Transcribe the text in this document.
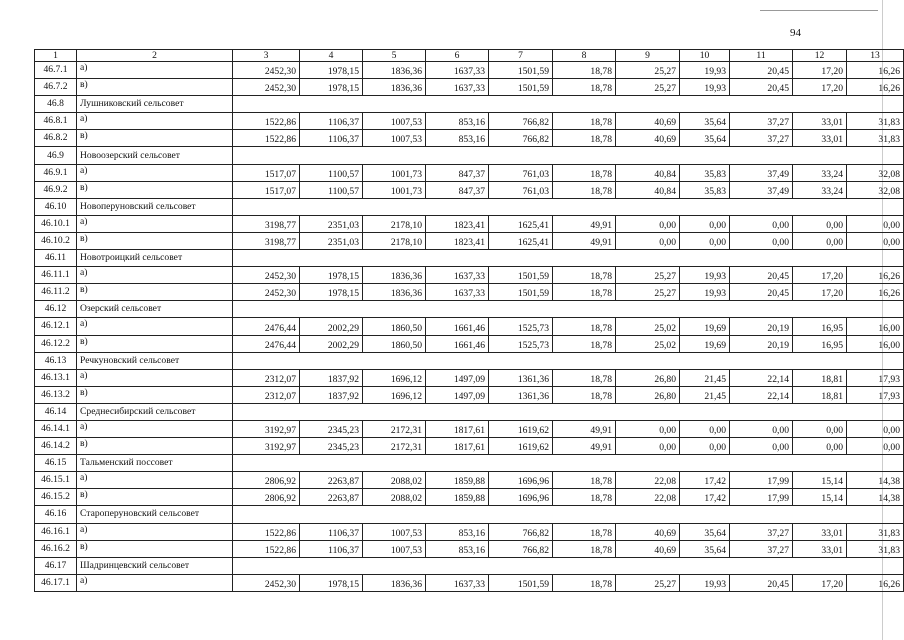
94
1	2	3	4	5	6	7	8	9	10	11	12	13
46.7.1	а)	2452,30	1978,15	1836,36	1637,33	1501,59	18,78	25,27	19,93	20,45	17,20	16,26
46.7.2	в)	2452,30	1978,15	1836,36	1637,33	1501,59	18,78	25,27	19,93	20,45	17,20	16,26
46.8	Лушниковский сельсовет											
46.8.1	а)	1522,86	1106,37	1007,53	853,16	766,82	18,78	40,69	35,64	37,27	33,01	31,83
46.8.2	в)	1522,86	1106,37	1007,53	853,16	766,82	18,78	40,69	35,64	37,27	33,01	31,83
46.9	Новоозерский сельсовет											
46.9.1	а)	1517,07	1100,57	1001,73	847,37	761,03	18,78	40,84	35,83	37,49	33,24	32,08
46.9.2	в)	1517,07	1100,57	1001,73	847,37	761,03	18,78	40,84	35,83	37,49	33,24	32,08
46.10	Новоперуновский сельсовет											
46.10.1	а)	3198,77	2351,03	2178,10	1823,41	1625,41	49,91	0,00	0,00	0,00	0,00	0,00
46.10.2	в)	3198,77	2351,03	2178,10	1823,41	1625,41	49,91	0,00	0,00	0,00	0,00	0,00
46.11	Новотроицкий сельсовет											
46.11.1	а)	2452,30	1978,15	1836,36	1637,33	1501,59	18,78	25,27	19,93	20,45	17,20	16,26
46.11.2	в)	2452,30	1978,15	1836,36	1637,33	1501,59	18,78	25,27	19,93	20,45	17,20	16,26
46.12	Озерский сельсовет											
46.12.1	а)	2476,44	2002,29	1860,50	1661,46	1525,73	18,78	25,02	19,69	20,19	16,95	16,00
46.12.2	в)	2476,44	2002,29	1860,50	1661,46	1525,73	18,78	25,02	19,69	20,19	16,95	16,00
46.13	Речкуновский сельсовет											
46.13.1	а)	2312,07	1837,92	1696,12	1497,09	1361,36	18,78	26,80	21,45	22,14	18,81	17,93
46.13.2	в)	2312,07	1837,92	1696,12	1497,09	1361,36	18,78	26,80	21,45	22,14	18,81	17,93
46.14	Среднесибирский сельсовет											
46.14.1	а)	3192,97	2345,23	2172,31	1817,61	1619,62	49,91	0,00	0,00	0,00	0,00	0,00
46.14.2	в)	3192,97	2345,23	2172,31	1817,61	1619,62	49,91	0,00	0,00	0,00	0,00	0,00
46.15	Тальменский поссовет											
46.15.1	а)	2806,92	2263,87	2088,02	1859,88	1696,96	18,78	22,08	17,42	17,99	15,14	14,38
46.15.2	в)	2806,92	2263,87	2088,02	1859,88	1696,96	18,78	22,08	17,42	17,99	15,14	14,38
46.16	Староперуновский сельсовет											
46.16.1	а)	1522,86	1106,37	1007,53	853,16	766,82	18,78	40,69	35,64	37,27	33,01	31,83
46.16.2	в)	1522,86	1106,37	1007,53	853,16	766,82	18,78	40,69	35,64	37,27	33,01	31,83
46.17	Шадринцевский сельсовет											
46.17.1	а)	2452,30	1978,15	1836,36	1637,33	1501,59	18,78	25,27	19,93	20,45	17,20	16,26
